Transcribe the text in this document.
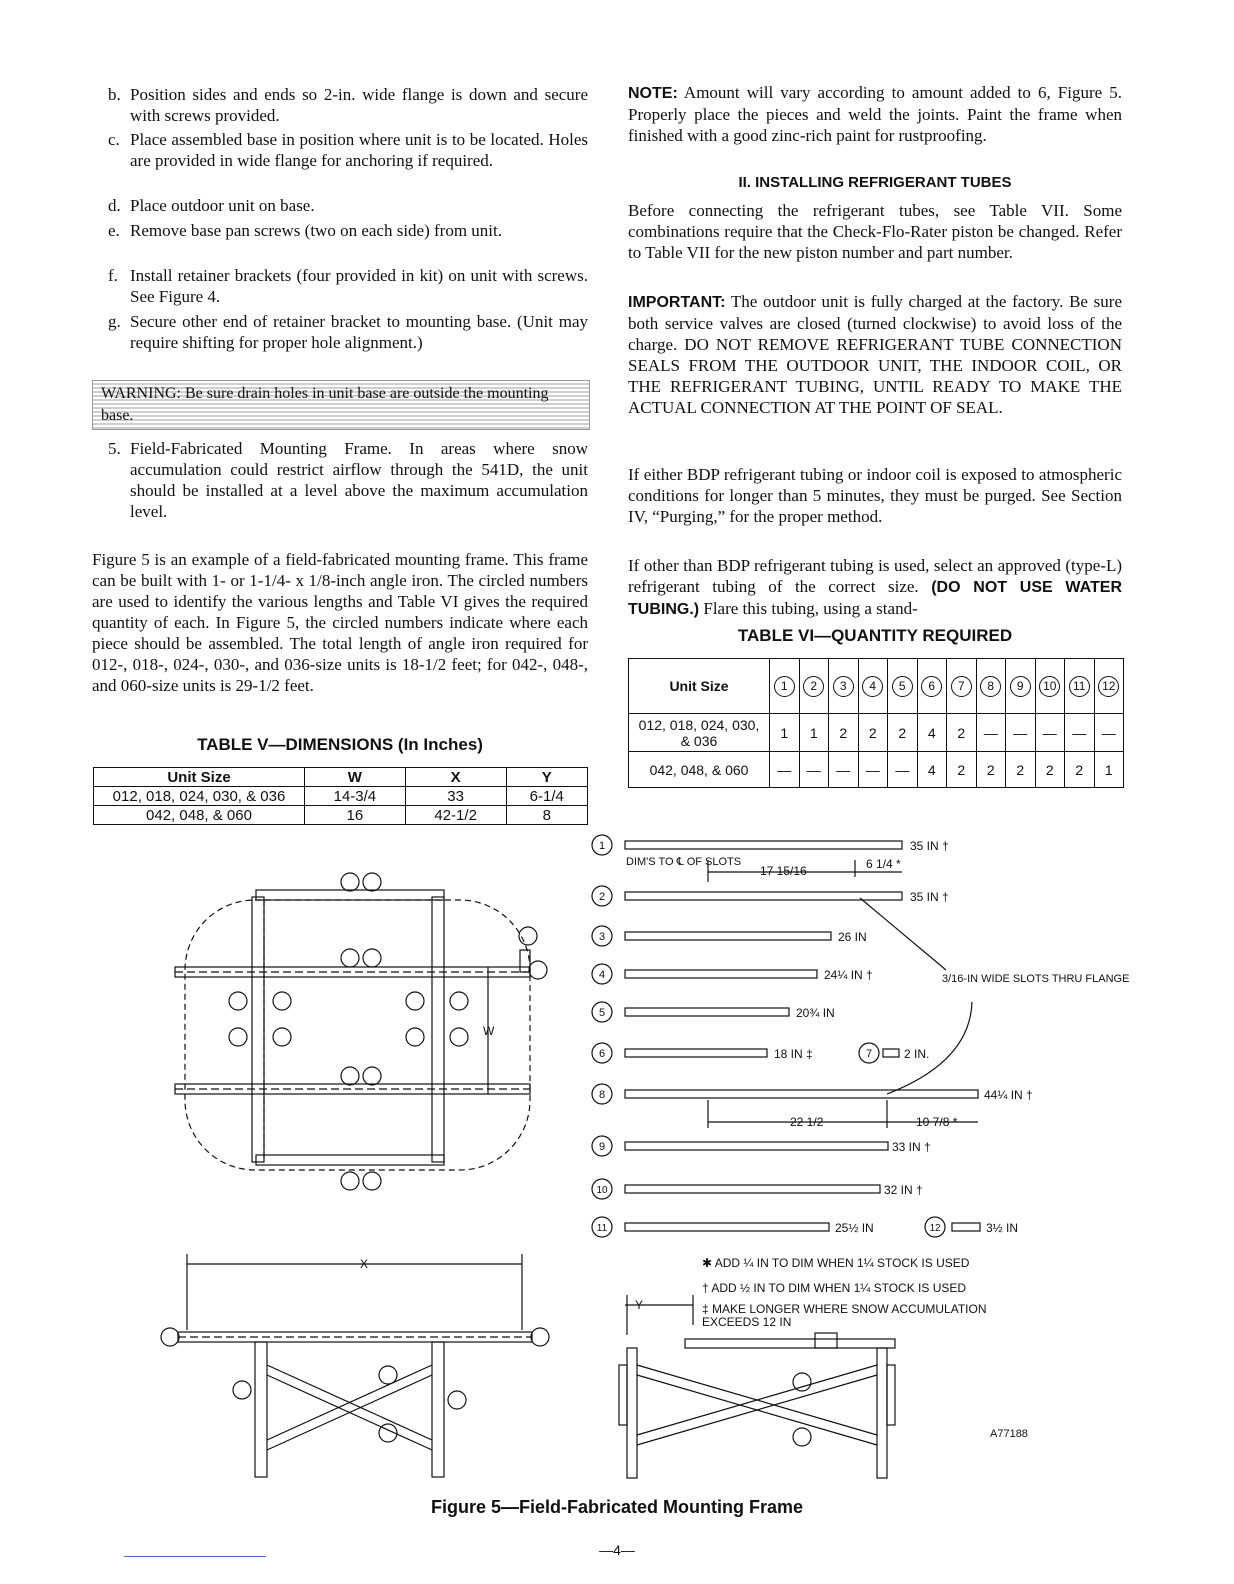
b. Position sides and ends so 2-in. wide flange is down and secure with screws provided.
c. Place assembled base in position where unit is to be located. Holes are provided in wide flange for anchoring if required.
d. Place outdoor unit on base.
e. Remove base pan screws (two on each side) from unit.
f. Install retainer brackets (four provided in kit) on unit with screws. See Figure 4.
g. Secure other end of retainer bracket to mounting base. (Unit may require shifting for proper hole alignment.)
WARNING: Be sure drain holes in unit base are outside the mounting base.
5. Field-Fabricated Mounting Frame. In areas where snow accumulation could restrict airflow through the 541D, the unit should be installed at a level above the maximum accumulation level.
Figure 5 is an example of a field-fabricated mounting frame. This frame can be built with 1- or 1-1/4- x 1/8-inch angle iron. The circled numbers are used to identify the various lengths and Table VI gives the required quantity of each. In Figure 5, the circled numbers indicate where each piece should be assembled. The total length of angle iron required for 012-, 018-, 024-, 030-, and 036-size units is 18-1/2 feet; for 042-, 048-, and 060-size units is 29-1/2 feet.
TABLE V—DIMENSIONS (In Inches)
Unit Size	W	X	Y
012, 018, 024, 030, & 036	14-3/4	33	6-1/4
042, 048, & 060	16	42-1/2	8
NOTE: Amount will vary according to amount added to 6, Figure 5. Properly place the pieces and weld the joints. Paint the frame when finished with a good zinc-rich paint for rustproofing.
II. INSTALLING REFRIGERANT TUBES
Before connecting the refrigerant tubes, see Table VII. Some combinations require that the Check-Flo-Rater piston be changed. Refer to Table VII for the new piston number and part number.
IMPORTANT: The outdoor unit is fully charged at the factory. Be sure both service valves are closed (turned clockwise) to avoid loss of the charge. DO NOT REMOVE REFRIGERANT TUBE CONNECTION SEALS FROM THE OUTDOOR UNIT, THE INDOOR COIL, OR THE REFRIGERANT TUBING, UNTIL READY TO MAKE THE ACTUAL CONNECTION AT THE POINT OF SEAL.
If either BDP refrigerant tubing or indoor coil is exposed to atmospheric conditions for longer than 5 minutes, they must be purged. See Section IV, “Purging,” for the proper method.
If other than BDP refrigerant tubing is used, select an approved (type-L) refrigerant tubing of the correct size. (DO NOT USE WATER TUBING.) Flare this tubing, using a stand-
TABLE VI—QUANTITY REQUIRED
Unit Size	1	2	3	4	5	6	7	8	9	10	11	12
012, 018, 024, 030, & 036	1	1	2	2	2	4	2	—	—	—	—	—
042, 048, & 060	—	—	—	—	—	4	2	2	2	2	2	1
1
2
3
4
5
6	7
8
9
10
11	12
35 IN †
35 IN †
26 IN
24¼ IN †
20¾ IN
18 IN ‡	2 IN.
44¼ IN †
33 IN †
32 IN †
25½ IN	3½ IN
DIM'S TO ℄ OF SLOTS
17 15/16	6 1/4 *
3/16-IN WIDE SLOTS THRU FLANGE
22 1/2	10 7/8 *
✱ ADD ¼ IN TO DIM WHEN 1¼ STOCK IS USED
† ADD ½ IN TO DIM WHEN 1¼ STOCK IS USED
‡ MAKE LONGER WHERE SNOW ACCUMULATION EXCEEDS 12 IN
W
X
Y
A77188
Figure 5—Field-Fabricated Mounting Frame
—4—
